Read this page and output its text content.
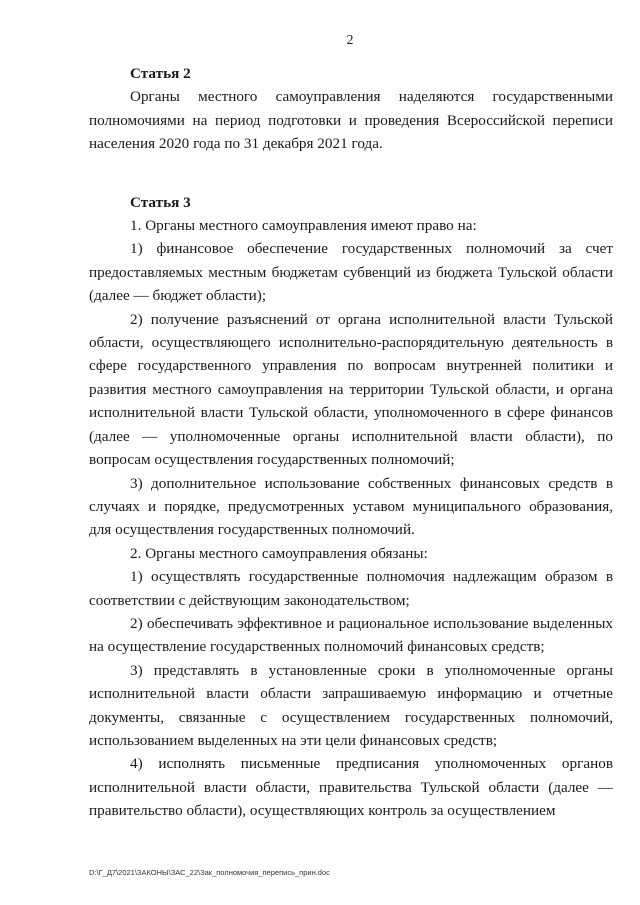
2
Статья 2

Органы местного самоуправления наделяются государственными полномочиями на период подготовки и проведения Всероссийской переписи населения 2020 года по 31 декабря 2021 года.

Статья 3

1. Органы местного самоуправления имеют право на:

1) финансовое обеспечение государственных полномочий за счет предоставляемых местным бюджетам субвенций из бюджета Тульской области (далее — бюджет области);

2) получение разъяснений от органа исполнительной власти Тульской области, осуществляющего исполнительно-распорядительную деятельность в сфере государственного управления по вопросам внутренней политики и развития местного самоуправления на территории Тульской области, и органа исполнительной власти Тульской области, уполномоченного в сфере финансов (далее — уполномоченные органы исполнительной власти области), по вопросам осуществления государственных полномочий;

3) дополнительное использование собственных финансовых средств в случаях и порядке, предусмотренных уставом муниципального образования, для осуществления государственных полномочий.

2. Органы местного самоуправления обязаны:

1) осуществлять государственные полномочия надлежащим образом в соответствии с действующим законодательством;

2) обеспечивать эффективное и рациональное использование выделенных на осуществление государственных полномочий финансовых средств;

3) представлять в установленные сроки в уполномоченные органы исполнительной власти области запрашиваемую информацию и отчетные документы, связанные с осуществлением государственных полномочий, использованием выделенных на эти цели финансовых средств;

4) исполнять письменные предписания уполномоченных органов исполнительной власти области, правительства Тульской области (далее — правительство области), осуществляющих контроль за осуществлением

D:\Г_Д7\2021\ЗАКОНЫ\ЗАС_22\Зак_полномочия_перепись_прин.doc
